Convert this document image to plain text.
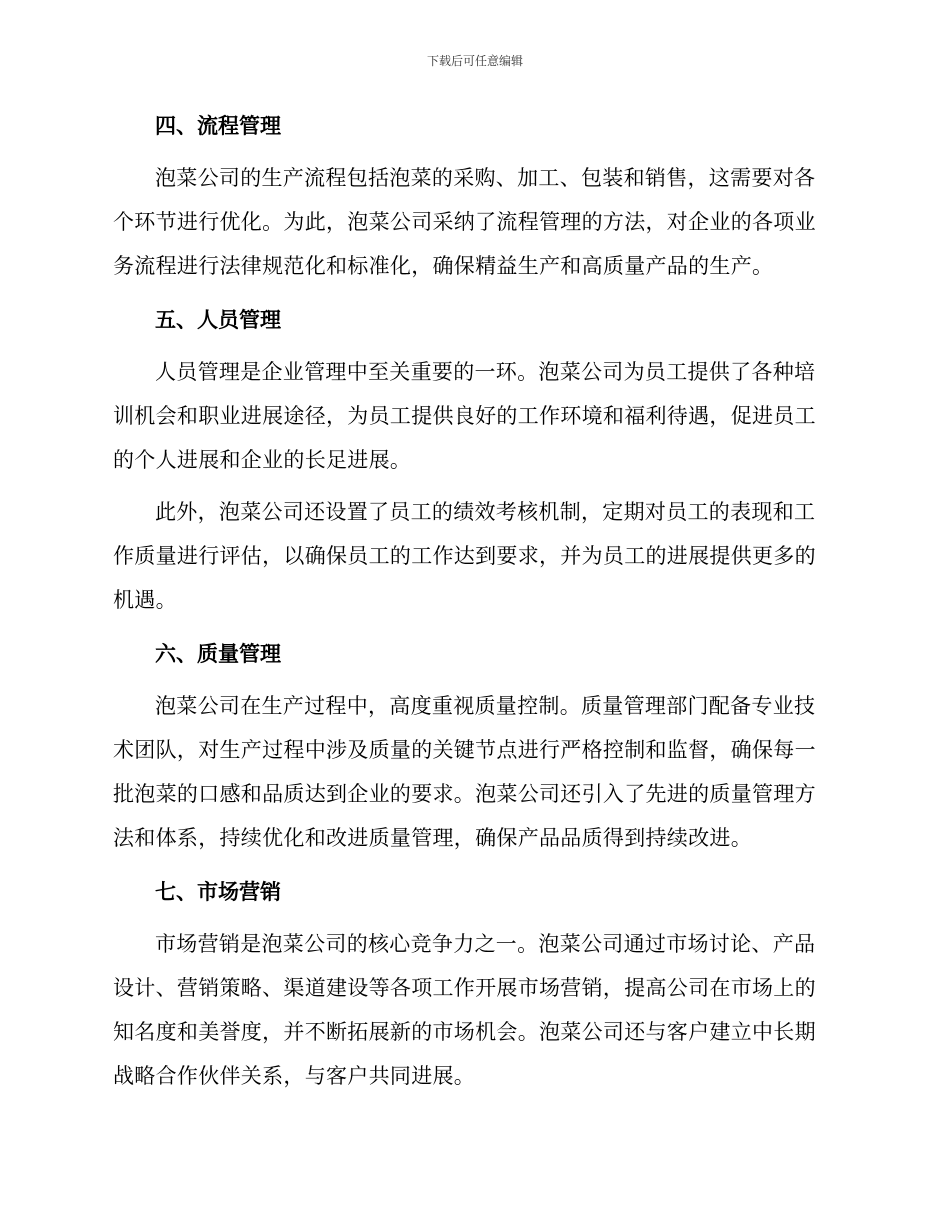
下载后可任意编辑
四、流程管理

泡菜公司的生产流程包括泡菜的采购、加工、包装和销售，这需要对各个环节进行优化。为此，泡菜公司采纳了流程管理的方法，对企业的各项业务流程进行法律规范化和标准化，确保精益生产和高质量产品的生产。

五、人员管理

人员管理是企业管理中至关重要的一环。泡菜公司为员工提供了各种培训机会和职业进展途径，为员工提供良好的工作环境和福利待遇，促进员工的个人进展和企业的长足进展。

此外，泡菜公司还设置了员工的绩效考核机制，定期对员工的表现和工作质量进行评估，以确保员工的工作达到要求，并为员工的进展提供更多的机遇。

六、质量管理

泡菜公司在生产过程中，高度重视质量控制。质量管理部门配备专业技术团队，对生产过程中涉及质量的关键节点进行严格控制和监督，确保每一批泡菜的口感和品质达到企业的要求。泡菜公司还引入了先进的质量管理方法和体系，持续优化和改进质量管理，确保产品品质得到持续改进。

七、市场营销

市场营销是泡菜公司的核心竞争力之一。泡菜公司通过市场讨论、产品设计、营销策略、渠道建设等各项工作开展市场营销，提高公司在市场上的知名度和美誉度，并不断拓展新的市场机会。泡菜公司还与客户建立中长期战略合作伙伴关系，与客户共同进展。
